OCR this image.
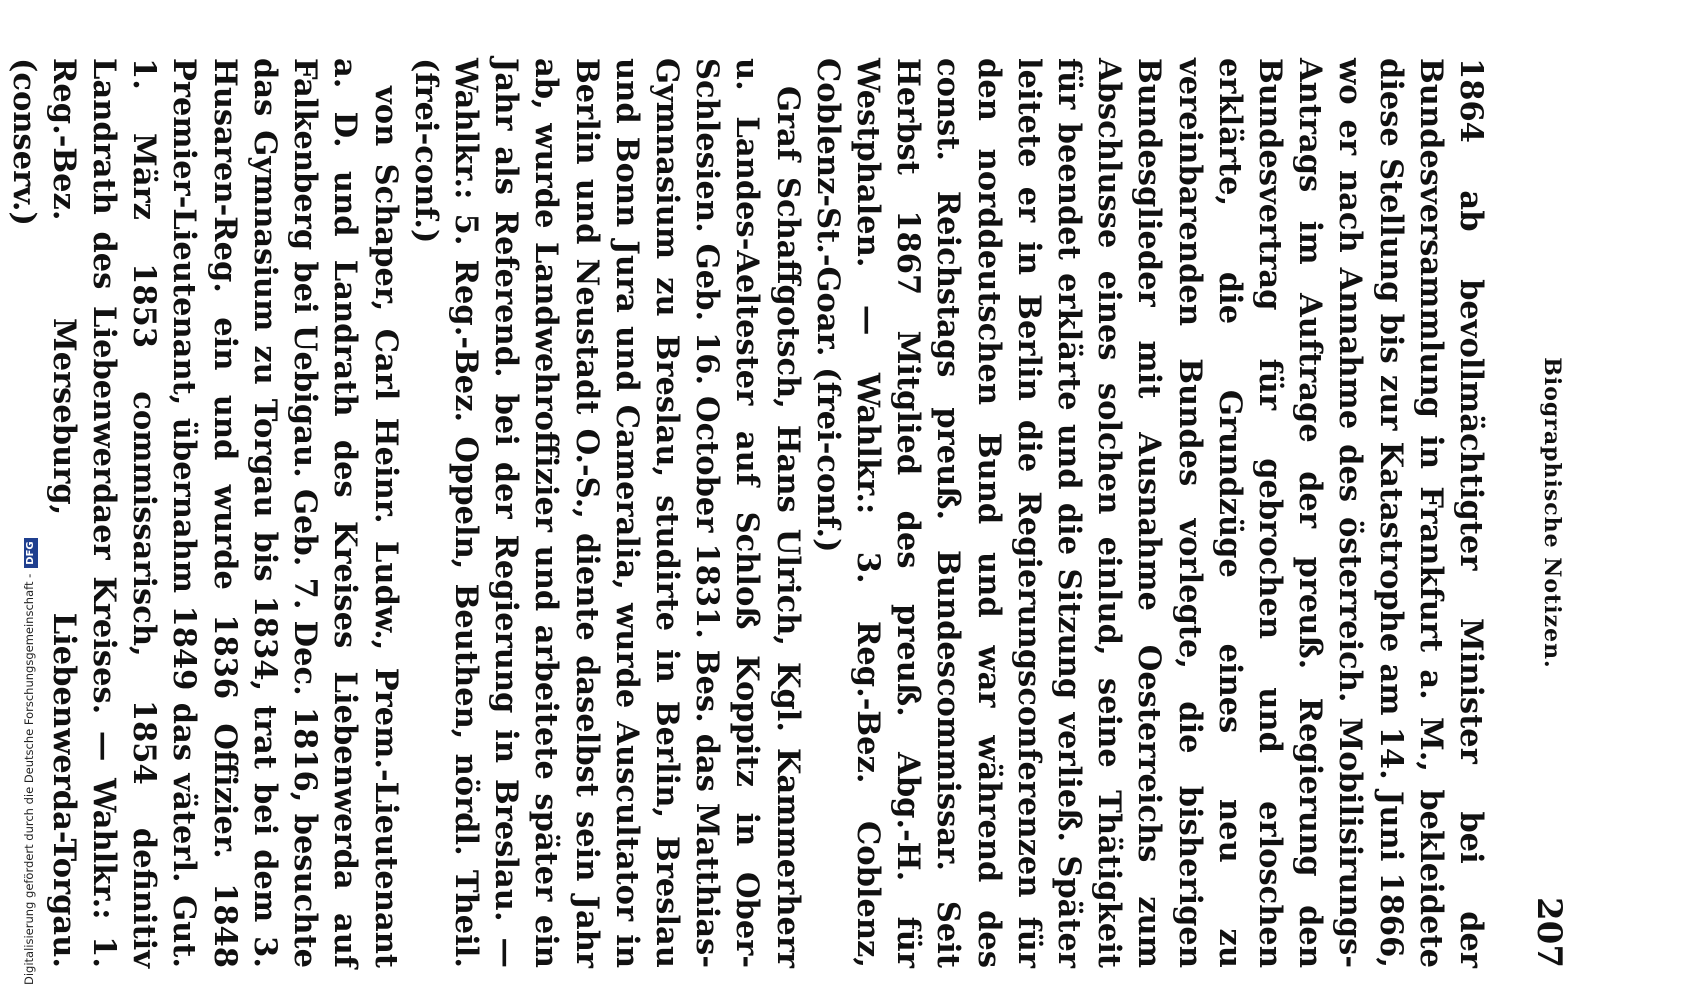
Biographische Notizen.
207

1864 ab bevollmächtigter Minister bei der Bundesversammlung in Frankfurt a. M., bekleidete diese Stellung bis zur Katastrophe am 14. Juni 1866, wo er nach Annahme des österreich. Mobilisirungs-Antrags im Auftrage der preuß. Regierung den Bundesvertrag für gebrochen und erloschen erklärte, die Grundzüge eines neu zu vereinbarenden Bundes vorlegte, die bisherigen Bundesglieder mit Ausnahme Oesterreichs zum Abschlusse eines solchen einlud, seine Thätigkeit für beendet erklärte und die Sitzung verließ. Später leitete er in Berlin die Regierungsconferenzen für den norddeutschen Bund und war während des const. Reichstags preuß. Bundescommissar. Seit Herbst 1867 Mitglied des preuß. Abg.-H. für Westphalen. — Wahlkr.: 3. Reg.-Bez. Coblenz, Coblenz-St.-Goar. (frei-conf.)

Graf Schaffgotsch, Hans Ulrich, Kgl. Kammerherr u. Landes-Aeltester auf Schloß Koppitz in Ober-Schlesien. Geb. 16. October 1831. Bes. das Matthias-Gymnasium zu Breslau, studirte in Berlin, Breslau und Bonn Jura und Cameralia, wurde Auscultator in Berlin und Neustadt O.-S., diente daselbst sein Jahr ab, wurde Landwehroffizier und arbeitete später ein Jahr als Referend. bei der Regierung in Breslau. — Wahlkr.: 5. Reg.-Bez. Oppeln, Beuthen, nördl. Theil. (frei-conf.)

von Schaper, Carl Heinr. Ludw., Prem.-Lieutenant a. D. und Landrath des Kreises Liebenwerda auf Falkenberg bei Uebigau. Geb. 7. Dec. 1816, besuchte das Gymnasium zu Torgau bis 1834, trat bei dem 3. Husaren-Reg. ein und wurde 1836 Offizier. 1848 Premier-Lieutenant, übernahm 1849 das väterl. Gut. 1. März 1853 commissarisch, 1854 definitiv Landrath des Liebenwerdaer Kreises. — Wahlkr.: 1. Reg.-Bez. Merseburg, Liebenwerda-Torgau. (conserv.)

Digitalisierung gefördert durch die Deutsche Forschungsgemeinschaft -DFG
